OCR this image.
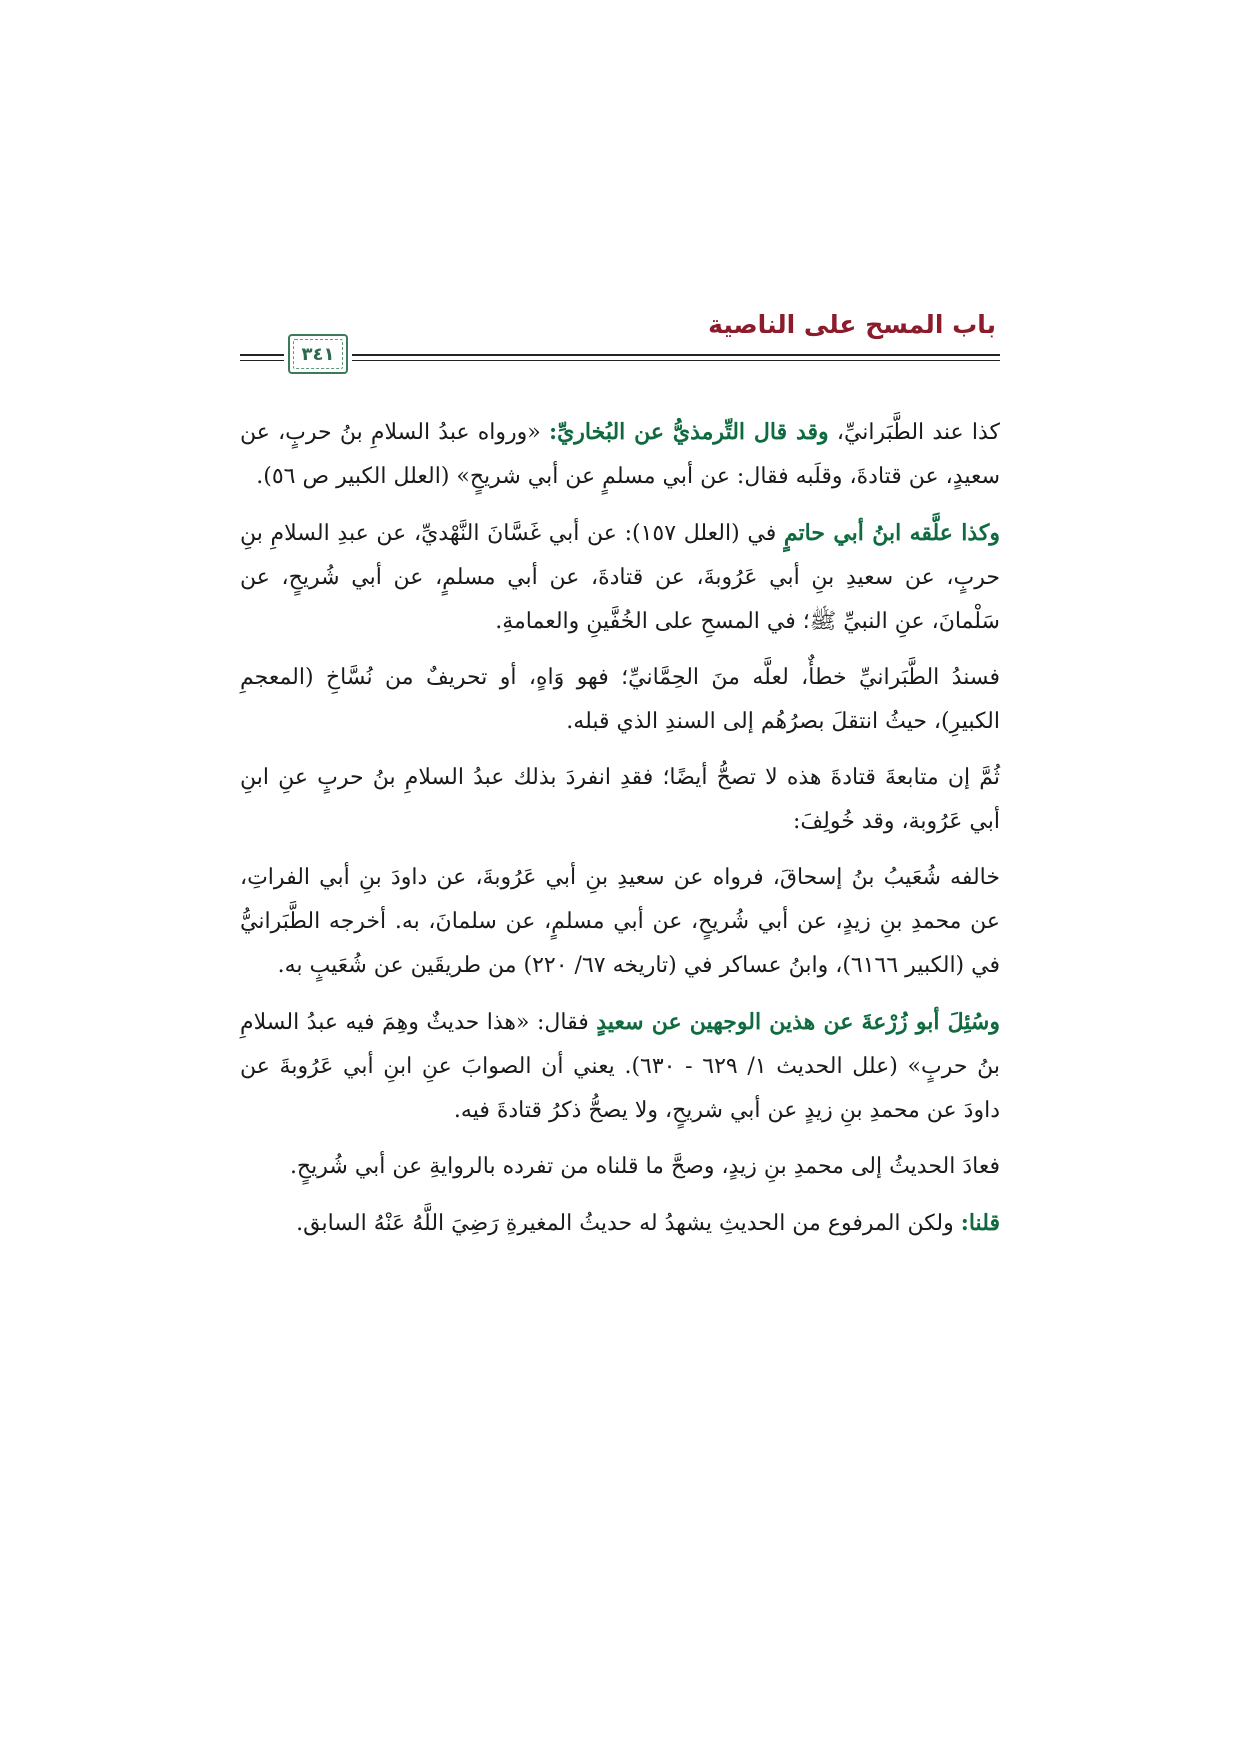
باب المسح على الناصية
٣٤١

كذا عند الطَّبَرانيِّ، وقد قال التِّرمذيُّ عن البُخاريِّ: «ورواه عبدُ السلامِ بنُ حربٍ، عن سعيدٍ، عن قتادةَ، وقلَبه فقال: عن أبي مسلمٍ عن أبي شريحٍ» (العلل الكبير ص ٥٦).

وكذا علَّقه ابنُ أبي حاتمٍ في (العلل ١٥٧): عن أبي غَسَّانَ النَّهْديِّ، عن عبدِ السلامِ بنِ حربٍ، عن سعيدِ بنِ أبي عَرُوبةَ، عن قتادةَ، عن أبي مسلمٍ، عن أبي شُريحٍ، عن سَلْمانَ، عنِ النبيِّ ﷺ؛ في المسحِ على الخُفَّينِ والعمامةِ.

فسندُ الطَّبَرانيِّ خطأٌ، لعلَّه منَ الحِمَّانيِّ؛ فهو وَاهٍ، أو تحريفٌ من نُسَّاخِ (المعجمِ الكبيرِ)، حيثُ انتقلَ بصرُهُم إلى السندِ الذي قبله.

ثُمَّ إن متابعةَ قتادةَ هذه لا تصحُّ أيضًا؛ فقدِ انفردَ بذلك عبدُ السلامِ بنُ حربٍ عنِ ابنِ أبي عَرُوبة، وقد خُولِفَ:

خالفه شُعَيبُ بنُ إسحاقَ، فرواه عن سعيدِ بنِ أبي عَرُوبةَ، عن داودَ بنِ أبي الفراتِ، عن محمدِ بنِ زيدٍ، عن أبي شُريحٍ، عن أبي مسلمٍ، عن سلمانَ، به. أخرجه الطَّبَرانيُّ في (الكبير ٦١٦٦)، وابنُ عساكر في (تاريخه ٦٧/ ٢٢٠) من طريقَين عن شُعَيبٍ به.

وسُئِلَ أبو زُرْعةَ عن هذين الوجهين عن سعيدٍ فقال: «هذا حديثٌ وهِمَ فيه عبدُ السلامِ بنُ حربٍ» (علل الحديث ١/ ٦٢٩ - ٦٣٠). يعني أن الصوابَ عنِ ابنِ أبي عَرُوبةَ عن داودَ عن محمدِ بنِ زيدٍ عن أبي شريحٍ، ولا يصحُّ ذكرُ قتادةَ فيه.

فعادَ الحديثُ إلى محمدِ بنِ زيدٍ، وصحَّ ما قلناه من تفرده بالروايةِ عن أبي شُريحٍ.

قلنا: ولكن المرفوع من الحديثِ يشهدُ له حديثُ المغيرةِ رَضِيَ اللَّهُ عَنْهُ السابق.
